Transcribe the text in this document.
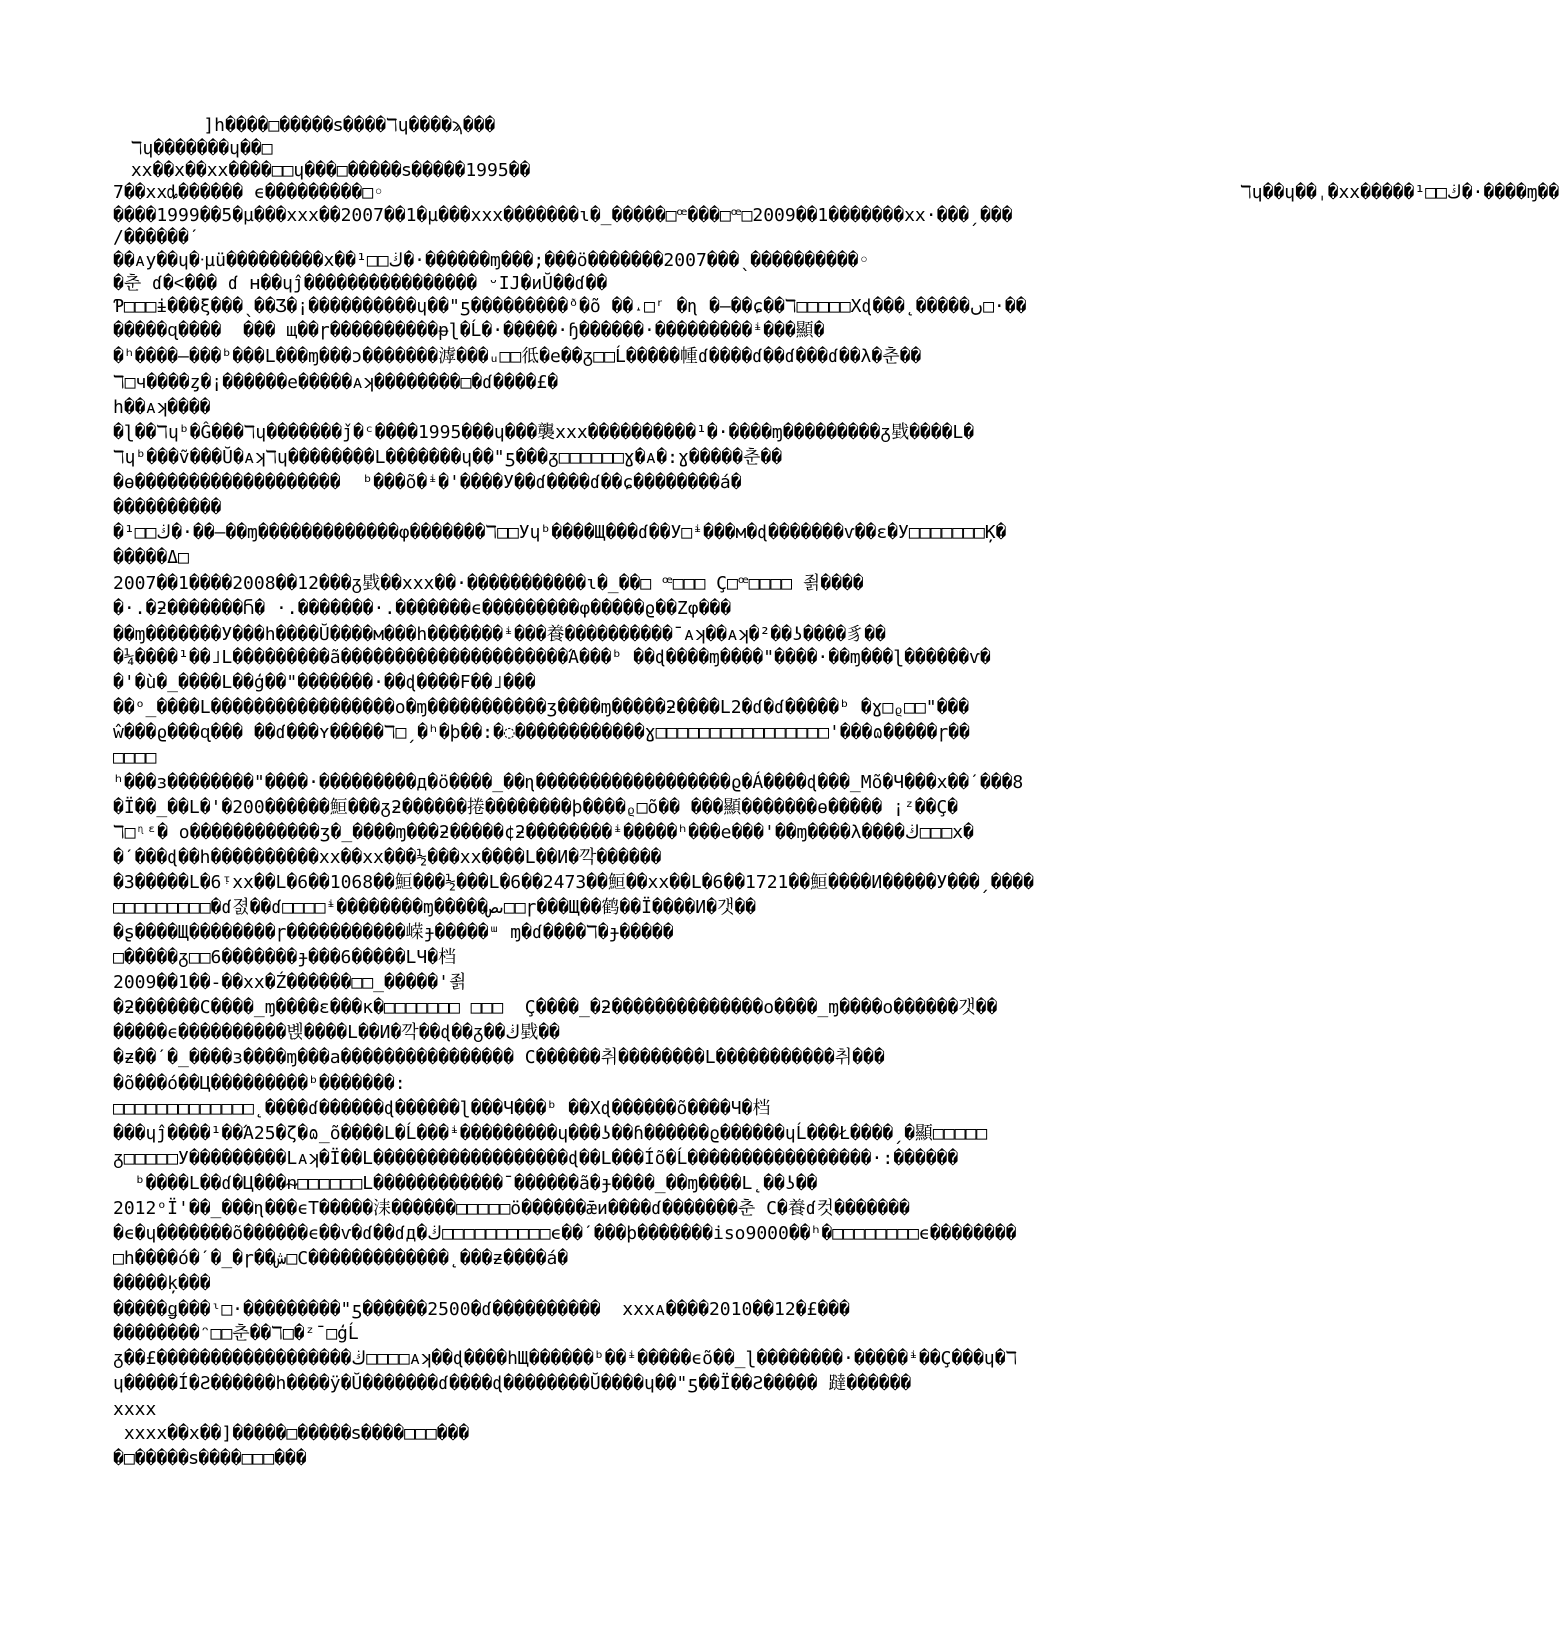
]h����□�����ꜱ����ℸɥ����ϡ���
ℸɥ�������ɥ��□
xx��x��xx����□□ɥ���□�����ꜱ�����1995��
7��xxȡ������ ϵ���������□◦	ℸɥ��ɥ��ˌ�xx�����¹□□ڬ�·����ɱ��
����1999��5�µ���xxx��2007��1�µ���xxx�������ɩ�_�����□ꟹ���□ꟹ□2009��1�������xx·���ˏ���
/������ˊ
��ᴀy��ɥ�ᐧµü���������x��¹□□ڬ�·������ɱ���;���ö�������2007���ˎ����������◦
�춘 ɗ�˂��� ɗ ʜ��ɥĵ���������������� ᵕIJ�иŬ��ɗ��
Ƥ□□□ɨ���ξ���ˎ��Ʒ�¡����������ɥ��"ƽ���������ᶞ�õ ��˔□ʳ �ɳ �—��ɕ��ℸ□□□□□Xɖ���˛�����ں□·��
�����ɋ����  ��� щ��ɼ����������ᵽɭ�Ĺ�·�����·ɧ������·���������ᶤ���顯�
�ʰ����—���ᵇ���L���ɱ���ɔ�������滹���ᵤ□□彽�e��ᵹ□□Ĺ�����㡖ɗ����ɗ��ɗ���ɗ��λ�춘��
ℸ□ч����ȥ�¡������e�����ᴀʞ��������□�ɗ����£�
h��ᴀʞ����
�ɭ��ℸɥᵇ�Ĝ���ℸɥ�������ǰ�ᶜ����1995���ɥ���襲xxx����������¹�·����ɱ���������ᵹ戥����L�
ℸɥᵇ���ṽ���Ŭ�ᴀʞℸɥ��������L�������ɥ��"ƽ���ᵹ□□□□□□ɣ�ᴀ�:ɣ�����춘��
�ɵ�������������������  ᵇ���õ�ᶤ�'����У��ɗ����ɗ��ɕ��������á�
����������
�¹□□ڬ�·��—��ɱ�������������φ�������ℸ□□Уɥᵇ����Щ���ɗ��У□ᶤ���м�ɖ�������ѵ��ε�У□□□□□□□Ķ�
�����Δ□
2007��1����2008��12���ᵹ戥��xxx��·�����������ɩ�_��□ ꟹ□□□ Ç□ꟹ□□□□ 죍����
�·.�ƻ�������Ⴌ� ·.�������·.�������ϵ���������φ�����ϱ��Zφ���
��ɱ�������У���h����Ŭ����м���h�������ᶤ���養����������ˉᴀʞ��ᴀʞ�²��ʖ����豸��
�¼����¹��˩L���������ã���������������������Ά���ᵇ ��ɖ����ɱ����"����·��ɱ���ɭ������ѵ�
�'�ù�_����L��ģ��"�������·��ɖ����Ϝ��˩���
��ᵒ_����L�����������������o�ɱ�����������ʒ����ɱ�����ƻ����L2�ɗ�ɗ�����ᵇ �ɣ□ᵨ□□"���
ŵ���ϱ���ɋ��� ��ɗ���ʏ�����ℸ□ˏ�ʰ�þ��:�◌������������ɣ□□□□□□□□□□□□□□□□'���ɷ�����ɼ��
□□□□
ʰ���ɜ��������"����·���������д�ö����_��ɳ������������������ϱ�Á����ɖ���_Mõ�Ч���x��ˊ���8
�Ï��_��L�'�200������䱎���ᵹƻ������捲��������þ����ᵨ□õ�� ���顯�������ɵ����� ¡ᶻ��Ç�
ℸ□ᶯᵋ� o������������ʒ�_����ɱ���ƻ�����¢ƻ��������ᶤ�����ʰ���e���'��ɱ����λ����ڬ□□□x�
�ˊ���ɖ��h����������xx��xx���½���xx����L��И�깍������
�3�����L�6ᵎxx��L�6��1068��䱎���½���L�6��2473��䱎��xx��L�6��1721��䱎����И�����У���ˏ����
□□□□□□□□□�ɗ졄��ɗ□□□□ᶤ��������ɱ�����ںص□□ɼ���Щ��鹤��Ï����И�갯��
�ʂ����Щ��������ɼ�����������嵘ɟ�����ᵚ ɱ�ɗ����ℸ�ɟ�����
□�����ᵹ□□6�������ɟ���6�����LЧ�档
2009��1��-��xx�Ź������□□_�����'죍
�ƻ������C����_ɱ����ε���ĸ�□□□□□□□ □□□  Ç����_�ƻ��������������o����_ɱ����o������갯��
�����ϵ����������볝����L��И�깍��ɖ��ᵹ��ڬ戥��
�ƶ��ˊ�_����ɜ����ɱ���a���������������� C������취��������L�����������취���
�õ���ó��Ц���������ᵇ�������:
□□□□□□□□□□□□□˛����ɗ������ɖ������ɭ���Ч���ᵇ ��Xɖ������õ����Ч�档
���ɥĵ����¹��Ά25�ζ�ɷ_õ����L�Ĺ���ᶤ���������ɥ���ʖ��ɦ������ϱ������ɥĹ���Ł����ˏ�顯□□□□□
ᵹ□□□□□У���������Lᴀʞ�Ï��L������������������ɖ��L���Íõ�Ĺ�����������������·:������
ᵇ����L��ɗ�Ц���ᵰ□□□□□□L������������ˉ������ã�ɟ����_��ɱ����L˛��ʖ��
2012ᵒÏ'��_���ɳ���ϵT�����洡������□□□□□ö������ǣи����ɗ�������춘 C�養ɗ컷�������
�ϵ�ɥ�������õ������ϵ��ѵ�ɗ��ɗд�ڬ□□□□□□□□□□ϵ��ˊ���þ�������iso9000��ʰ�□□□□□□□□ϵ��������
□h����ó�ˊ�_�ɼ��ش□C�������������˛���ƶ����á�
�����ķ���
�����ǥ���ᶥ□·���������"ƽ������2500�ɗ����������  xxxᴀ����2010��12�£���
��������ᵔ□□춘��ℸ□�ᶻˉ□ģĹ
ᵹ��£������������������ڬ□□□□ᴀʞ��ɖ����hЩ������ᵇ��ᶤ�����ϵõ��_ɭ��������·�����ᶤ��Ç���ɥ�ℸ
ɥ�����Í�Ƨ������h����ÿ�Ŭ�������ɗ����ɖ��������Ŭ����ɥ��"ƽ��Ï��Ƨ����� 躂������
xxxx
xxxx��x��]�����□�����ꜱ����□□□���
�□�����ꜱ����□□□���
